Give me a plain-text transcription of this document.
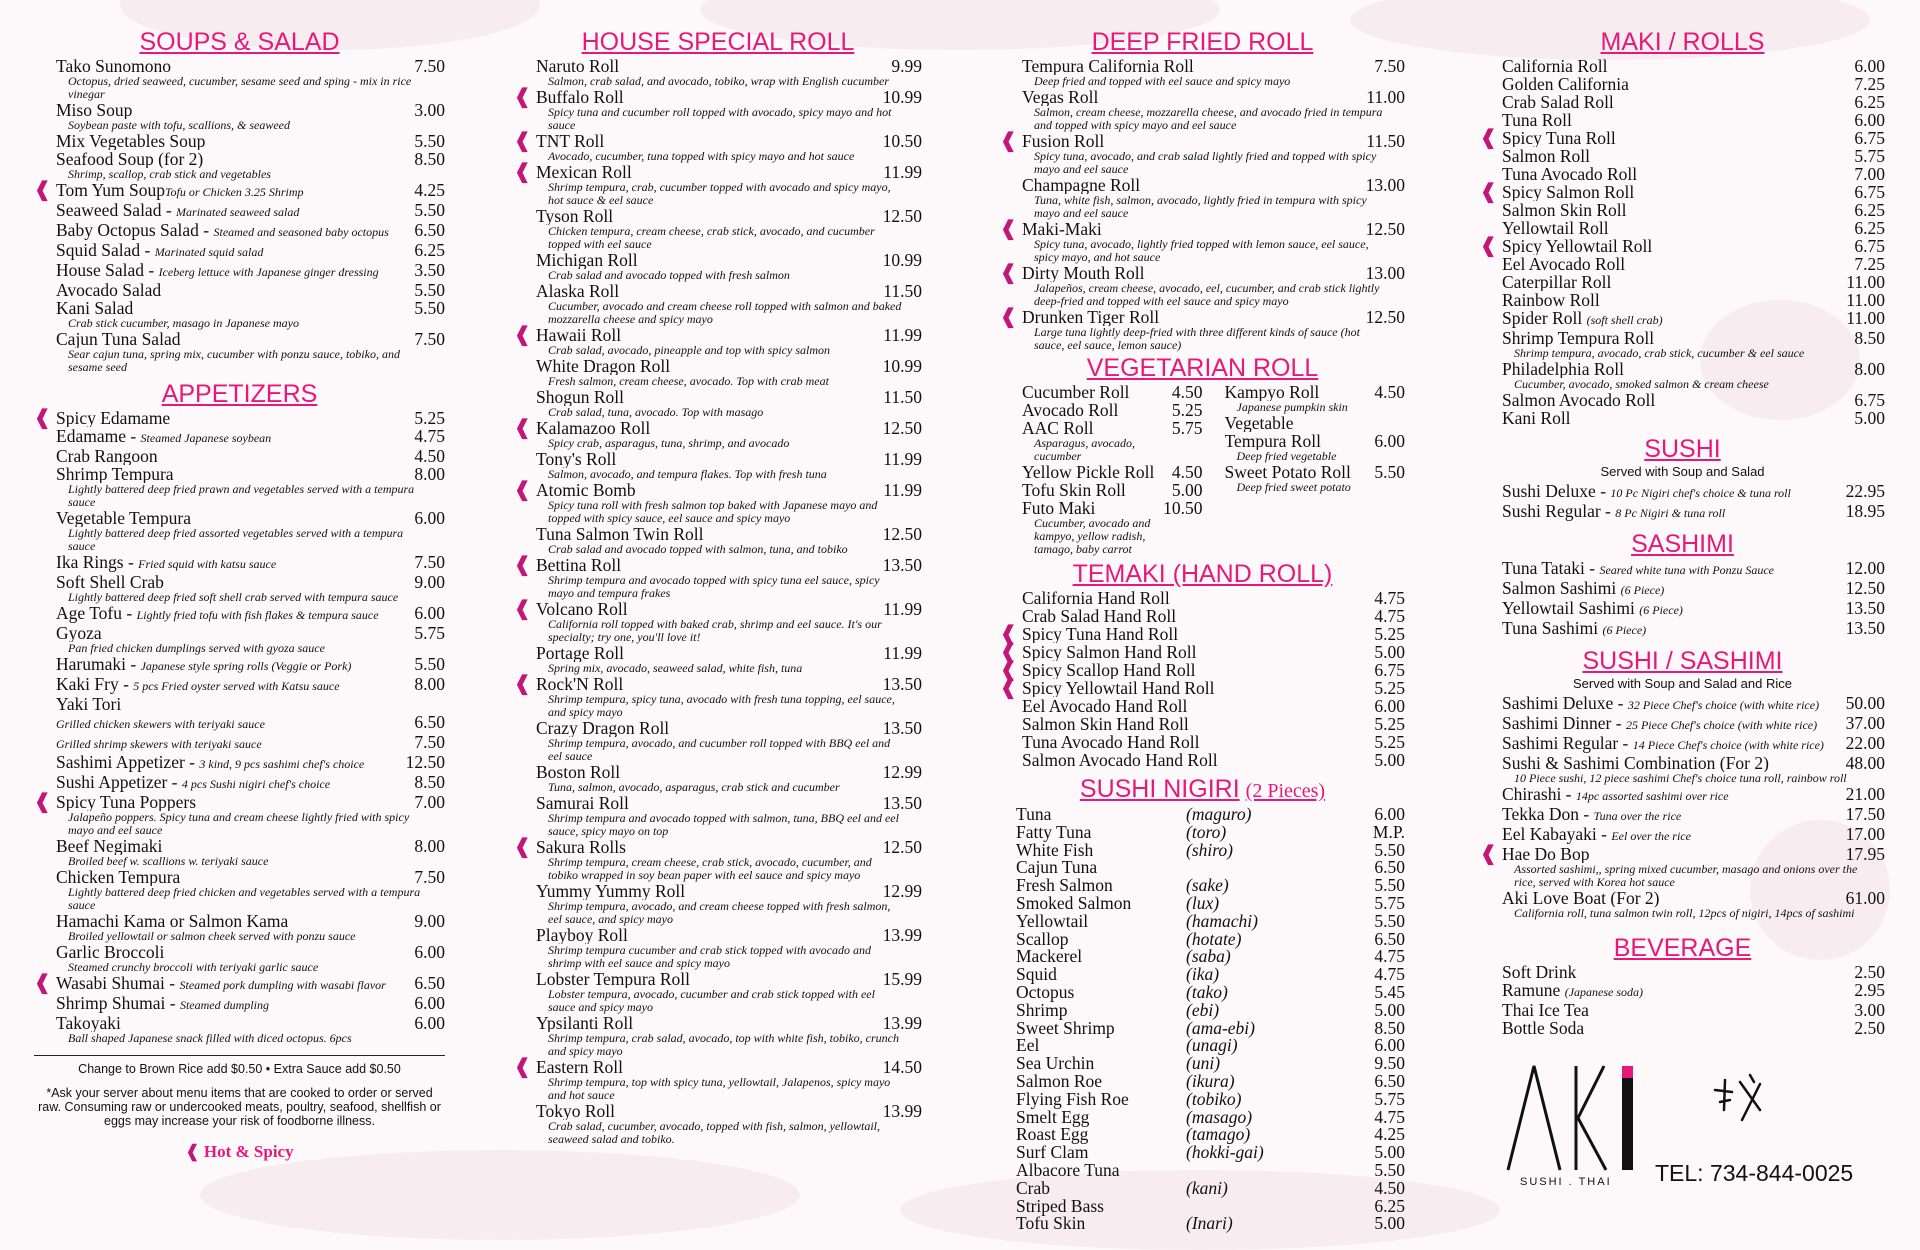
SOUPS & SALAD
Tako Sunomono	7.50
Octopus, dried seaweed, cucumber, sesame seed and sping - mix in rice vinegar
Miso Soup	3.00
Soybean paste with tofu, scallions, & seaweed
Mix Vegetables Soup	5.50
Seafood Soup (for 2)	8.50
Shrimp, scallop, crab stick and vegetables
❰ Tom Yum SoupTofu or Chicken 3.25 Shrimp	4.25
Seaweed Salad - Marinated seaweed salad	5.50
Baby Octopus Salad - Steamed and seasoned baby octopus	6.50
Squid Salad - Marinated squid salad	6.25
House Salad - Iceberg lettuce with Japanese ginger dressing	3.50
Avocado Salad	5.50
Kani Salad	5.50
Crab stick cucumber, masago in Japanese mayo
Cajun Tuna Salad	7.50
Sear cajun tuna, spring mix, cucumber with ponzu sauce, tobiko, and sesame seed
APPETIZERS
❰ Spicy Edamame	5.25
Edamame - Steamed Japanese soybean	4.75
Crab Rangoon	4.50
Shrimp Tempura	8.00
Lightly battered deep fried prawn and vegetables served with a tempura sauce
Vegetable Tempura	6.00
Lightly battered deep fried assorted vegetables served with a tempura sauce
Ika Rings - Fried squid with katsu sauce	7.50
Soft Shell Crab	9.00
Lightly battered deep fried soft shell crab served with tempura sauce
Age Tofu - Lightly fried tofu with fish flakes & tempura sauce	6.00
Gyoza	5.75
Pan fried chicken dumplings served with gyoza sauce
Harumaki - Japanese style spring rolls (Veggie or Pork)	5.50
Kaki Fry - 5 pcs Fried oyster served with Katsu sauce	8.00
Yaki Tori
Grilled chicken skewers with teriyaki sauce	6.50
Grilled shrimp skewers with teriyaki sauce	7.50
Sashimi Appetizer - 3 kind, 9 pcs sashimi chef's choice	12.50
Sushi Appetizer - 4 pcs Sushi nigiri chef's choice	8.50
❰ Spicy Tuna Poppers	7.00
Jalapeño poppers. Spicy tuna and cream cheese lightly fried with spicy mayo and eel sauce
Beef Negimaki	8.00
Broiled beef w. scallions w. teriyaki sauce
Chicken Tempura	7.50
Lightly battered deep fried chicken and vegetables served with a tempura sauce
Hamachi Kama or Salmon Kama	9.00
Broiled yellowtail or salmon cheek served with ponzu sauce
Garlic Broccoli	6.00
Steamed crunchy broccoli with teriyaki garlic sauce
❰ Wasabi Shumai - Steamed pork dumpling with wasabi flavor	6.50
Shrimp Shumai - Steamed dumpling	6.00
Takoyaki	6.00
Ball shaped Japanese snack filled with diced octopus. 6pcs
Change to Brown Rice add $0.50 • Extra Sauce add $0.50
*Ask your server about menu items that are cooked to order or served raw. Consuming raw or undercooked meats, poultry, seafood, shellfish or eggs may increase your risk of foodborne illness.
❰ Hot & Spicy
HOUSE SPECIAL ROLL
Naruto Roll	9.99
Salmon, crab salad, and avocado, tobiko, wrap with English cucumber
❰ Buffalo Roll	10.99
Spicy tuna and cucumber roll topped with avocado, spicy mayo and hot sauce
❰ TNT Roll	10.50
Avocado, cucumber, tuna topped with spicy mayo and hot sauce
❰ Mexican Roll	11.99
Shrimp tempura, crab, cucumber topped with avocado and spicy mayo, hot sauce & eel sauce
Tyson Roll	12.50
Chicken tempura, cream cheese, crab stick, avocado, and cucumber topped with eel sauce
Michigan Roll	10.99
Crab salad and avocado topped with fresh salmon
Alaska Roll	11.50
Cucumber, avocado and cream cheese roll topped with salmon and baked mozzarella cheese and spicy mayo
❰ Hawaii Roll	11.99
Crab salad, avocado, pineapple and top with spicy salmon
White Dragon Roll	10.99
Fresh salmon, cream cheese, avocado. Top with crab meat
Shogun Roll	11.50
Crab salad, tuna, avocado. Top with masago
❰ Kalamazoo Roll	12.50
Spicy crab, asparagus, tuna, shrimp, and avocado
Tony's Roll	11.99
Salmon, avocado, and tempura flakes. Top with fresh tuna
❰ Atomic Bomb	11.99
Spicy tuna roll with fresh salmon top baked with Japanese mayo and topped with spicy sauce, eel sauce and spicy mayo
Tuna Salmon Twin Roll	12.50
Crab salad and avocado topped with salmon, tuna, and tobiko
❰ Bettina Roll	13.50
Shrimp tempura and avocado topped with spicy tuna eel sauce, spicy mayo and tempura frakes
❰ Volcano Roll	11.99
California roll topped with baked crab, shrimp and eel sauce. It's our specialty; try one, you'll love it!
Portage Roll	11.99
Spring mix, avocado, seaweed salad, white fish, tuna
❰ Rock'N Roll	13.50
Shrimp tempura, spicy tuna, avocado with fresh tuna topping, eel sauce, and spicy mayo
Crazy Dragon Roll	13.50
Shrimp tempura, avocado, and cucumber roll topped with BBQ eel and eel sauce
Boston Roll	12.99
Tuna, salmon, avocado, asparagus, crab stick and cucumber
Samurai Roll	13.50
Shrimp tempura and avocado topped with salmon, tuna, BBQ eel and eel sauce, spicy mayo on top
❰ Sakura Rolls	12.50
Shrimp tempura, cream cheese, crab stick, avocado, cucumber, and tobiko wrapped in soy bean paper with eel sauce and spicy mayo
Yummy Yummy Roll	12.99
Shrimp tempura, avocado, and cream cheese topped with fresh salmon, eel sauce, and spicy mayo
Playboy Roll	13.99
Shrimp tempura cucumber and crab stick topped with avocado and shrimp with eel sauce and spicy mayo
Lobster Tempura Roll	15.99
Lobster tempura, avocado, cucumber and crab stick topped with eel sauce and spicy mayo
Ypsilanti Roll	13.99
Shrimp tempura, crab salad, avocado, top with white fish, tobiko, crunch and spicy mayo
❰ Eastern Roll	14.50
Shrimp tempura, top with spicy tuna, yellowtail, Jalapenos, spicy mayo and hot sauce
Tokyo Roll	13.99
Crab salad, cucumber, avocado, topped with fish, salmon, yellowtail, seaweed salad and tobiko.
DEEP FRIED ROLL
Tempura California Roll	7.50
Deep fried and topped with eel sauce and spicy mayo
Vegas Roll	11.00
Salmon, cream cheese, mozzarella cheese, and avocado fried in tempura and topped with spicy mayo and eel sauce
❰ Fusion Roll	11.50
Spicy tuna, avocado, and crab salad lightly fried and topped with spicy mayo and eel sauce
Champagne Roll	13.00
Tuna, white fish, salmon, avocado, lightly fried in tempura with spicy mayo and eel sauce
❰ Maki-Maki	12.50
Spicy tuna, avocado, lightly fried topped with lemon sauce, eel sauce, spicy mayo, and hot sauce
❰ Dirty Mouth Roll	13.00
Jalapeños, cream cheese, avocado, eel, cucumber, and crab stick lightly deep-fried and topped with eel sauce and spicy mayo
❰ Drunken Tiger Roll	12.50
Large tuna lightly deep-fried with three different kinds of sauce (hot sauce, eel sauce, lemon sauce)
VEGETARIAN ROLL
Cucumber Roll	4.50
Avocado Roll	5.25
AAC Roll	5.75
Asparagus, avocado, cucumber
Yellow Pickle Roll 4.50
Tofu Skin Roll	5.00
Futo Maki	10.50
Cucumber, avocado and kampyo, yellow radish, tamago, baby carrot
Kampyo Roll	4.50
Japanese pumpkin skin
Vegetable
Tempura Roll	6.00
Deep fried vegetable
Sweet Potato Roll	5.50
Deep fried sweet potato
TEMAKI (HAND ROLL)
California Hand Roll	4.75
Crab Salad Hand Roll	4.75
❰ Spicy Tuna Hand Roll	5.25
❰ Spicy Salmon Hand Roll	5.00
❰ Spicy Scallop Hand Roll	6.75
❰ Spicy Yellowtail Hand Roll	5.25
Eel Avocado Hand Roll	6.00
Salmon Skin Hand Roll	5.25
Tuna Avocado Hand Roll	5.25
Salmon Avocado Hand Roll	5.00
SUSHI NIGIRI (2 Pieces)
Tuna	(maguro)	6.00
Fatty Tuna	(toro)	M.P.
White Fish	(shiro)	5.50
Cajun Tuna	6.50
Fresh Salmon	(sake)	5.50
Smoked Salmon	(lux)	5.75
Yellowtail	(hamachi)	5.50
Scallop	(hotate)	6.50
Mackerel	(saba)	4.75
Squid	(ika)	4.75
Octopus	(tako)	5.45
Shrimp	(ebi)	5.00
Sweet Shrimp	(ama-ebi)	8.50
Eel	(unagi)	6.00
Sea Urchin	(uni)	9.50
Salmon Roe	(ikura)	6.50
Flying Fish Roe	(tobiko)	5.75
Smelt Egg	(masago)	4.75
Roast Egg	(tamago)	4.25
Surf Clam	(hokki-gai)	5.00
Albacore Tuna	5.50
Crab	(kani)	4.50
Striped Bass	6.25
Tofu Skin	(Inari)	5.00
MAKI / ROLLS
California Roll	6.00
Golden California	7.25
Crab Salad Roll	6.25
Tuna Roll	6.00
❰ Spicy Tuna Roll	6.75
Salmon Roll	5.75
Tuna Avocado Roll	7.00
❰ Spicy Salmon Roll	6.75
Salmon Skin Roll	6.25
Yellowtail Roll	6.25
❰ Spicy Yellowtail Roll	6.75
Eel Avocado Roll	7.25
Caterpillar Roll	11.00
Rainbow Roll	11.00
Spider Roll (soft shell crab)	11.00
Shrimp Tempura Roll	8.50
Shrimp tempura, avocado, crab stick, cucumber & eel sauce
Philadelphia Roll	8.00
Cucumber, avocado, smoked salmon & cream cheese
Salmon Avocado Roll	6.75
Kani Roll	5.00
SUSHI
Served with Soup and Salad
Sushi Deluxe - 10 Pc Nigiri chef's choice & tuna roll	22.95
Sushi Regular - 8 Pc Nigiri & tuna roll	18.95
SASHIMI
Tuna Tataki - Seared white tuna with Ponzu Sauce	12.00
Salmon Sashimi (6 Piece)	12.50
Yellowtail Sashimi (6 Piece)	13.50
Tuna Sashimi (6 Piece)	13.50
SUSHI / SASHIMI
Served with Soup and Salad and Rice
Sashimi Deluxe - 32 Piece Chef's choice (with white rice)	50.00
Sashimi Dinner - 25 Piece Chef's choice (with white rice)	37.00
Sashimi Regular - 14 Piece Chef's choice (with white rice)	22.00
Sushi & Sashimi Combination (For 2)	48.00
10 Piece sushi, 12 piece sashimi Chef's choice tuna roll, rainbow roll
Chirashi - 14pc assorted sashimi over rice	21.00
Tekka Don - Tuna over the rice	17.50
Eel Kabayaki - Eel over the rice	17.00
❰ Hae Do Bop	17.95
Assorted sashimi,, spring mixed cucumber, masago and onions over the rice, served with Korea hot sauce
Aki Love Boat (For 2)	61.00
California roll, tuna salmon twin roll, 12pcs of nigiri, 14pcs of sashimi
BEVERAGE
Soft Drink	2.50
Ramune (Japanese soda)	2.95
Thai Ice Tea	3.00
Bottle Soda	2.50
SUSHI . THAI TEL: 734-844-0025
